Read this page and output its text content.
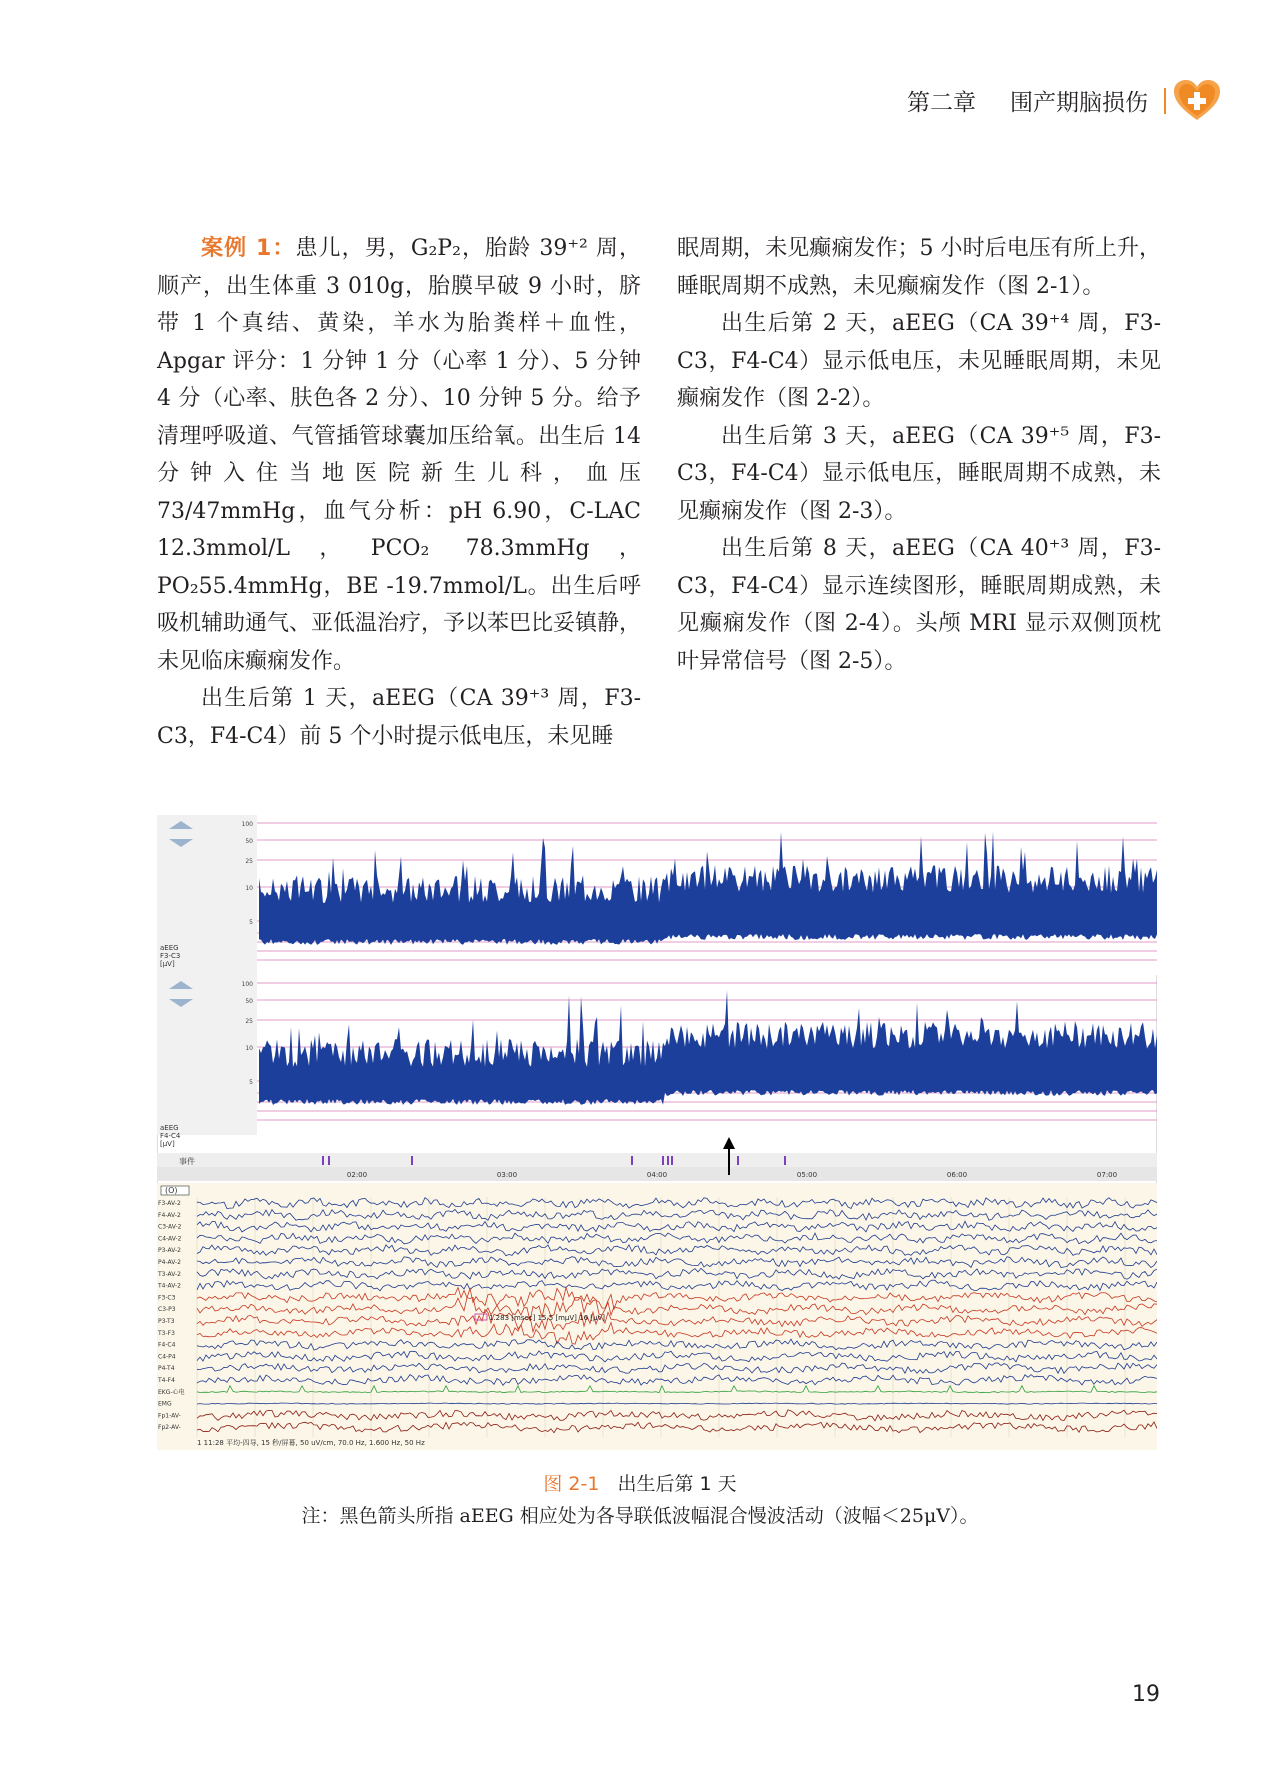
第二章 围产期脑损伤

案例 1：患儿，男，G₂P₂，胎龄 39⁺² 周，顺产，出生体重 3 010g，胎膜早破 9 小时，脐带 1 个真结、黄染，羊水为胎粪样＋血性，Apgar 评分：1 分钟 1 分（心率 1 分）、5 分钟 4 分（心率、肤色各 2 分）、10 分钟 5 分。给予清理呼吸道、气管插管球囊加压给氧。出生后 14 分钟入住当地医院新生儿科，血压 73/47mmHg，血气分析：pH 6.90，C-LAC 12.3mmol/L，PCO₂ 78.3mmHg，PO₂55.4mmHg，BE -19.7mmol/L。出生后呼吸机辅助通气、亚低温治疗，予以苯巴比妥镇静，未见临床癫痫发作。

出生后第 1 天，aEEG（CA 39⁺³ 周，F3-C3，F4-C4）前 5 个小时提示低电压，未见睡

眠周期，未见癫痫发作；5 小时后电压有所上升，睡眠周期不成熟，未见癫痫发作（图 2-1）。

出生后第 2 天，aEEG（CA 39⁺⁴ 周，F3-C3，F4-C4）显示低电压，未见睡眠周期，未见癫痫发作（图 2-2）。

出生后第 3 天，aEEG（CA 39⁺⁵ 周，F3-C3，F4-C4）显示低电压，睡眠周期不成熟，未见癫痫发作（图 2-3）。

出生后第 8 天，aEEG（CA 40⁺³ 周，F3-C3，F4-C4）显示连续图形，睡眠周期成熟，未见癫痫发作（图 2-4）。头颅 MRI 显示双侧顶枕叶异常信号（图 2-5）。

100
50
25
10
5
aEEG
F3-C3
[μV]
100
50
25
10
5
aEEG
F4-C4
[μV]
事件
02:00	03:00	04:00	05:00	06:00	07:00
(O)
F3-AV-2
F4-AV-2
C3-AV-2
C4-AV-2
P3-AV-2
P4-AV-2
T3-AV-2
T4-AV-2
F3-C3
C3-P3
P3-T3
T3-F3
F4-C4
C4-P4
P4-T4
T4-F4
EKG-心电
EMG
Fp1-AV-
Fp2-AV-
1.283 [msec] 15.5 [mμV] 16 [μV]
1 11:28 平均-四导, 15 秒/屏幕, 50 uV/cm, 70.0 Hz, 1.600 Hz, 50 Hz
图 2-1 出生后第 1 天
注：黑色箭头所指 aEEG 相应处为各导联低波幅混合慢波活动（波幅＜25μV）。
19
